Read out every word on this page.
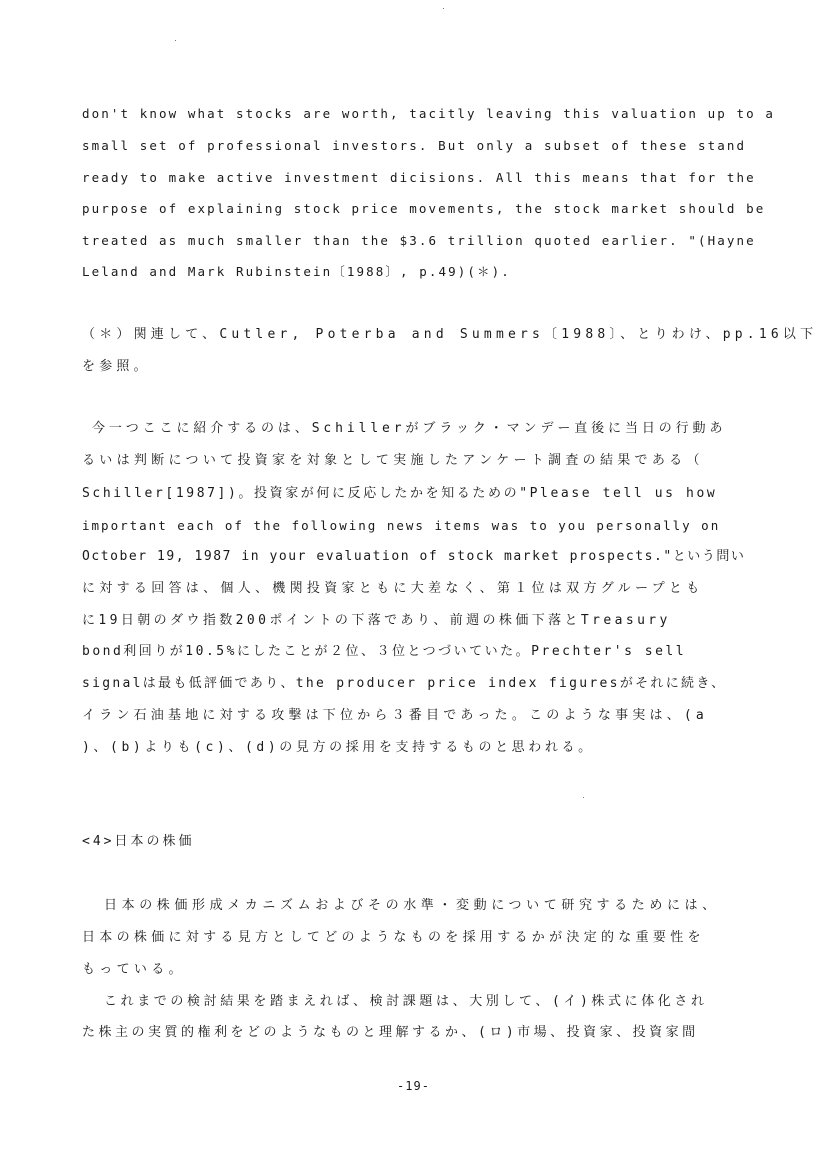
don't know what stocks are worth, tacitly leaving this valuation up to a
small set of professional investors. But only a subset of these stand
ready to make active investment dicisions. All this means that for the
purpose of explaining stock price movements, the stock market should be
treated as much smaller than the $3.6 trillion quoted earlier. "(Hayne
Leland and Mark Rubinstein〔1988〕, p.49)(＊).
（＊）関連して、Cutler, Poterba and Summers〔1988〕、とりわけ、pp.16以下
を参照。
今一つここに紹介するのは、Schillerがブラック・マンデー直後に当日の行動あ
るいは判断について投資家を対象として実施したアンケート調査の結果である（
Schiller[1987])。投資家が何に反応したかを知るための"Please tell us how
important each of the following news items was to you personally on
October 19, 1987 in your evaluation of stock market prospects."という問い
に対する回答は、個人、機関投資家ともに大差なく、第１位は双方グループとも
に19日朝のダウ指数200ポイントの下落であり、前週の株価下落とTreasury
bond利回りが10.5%にしたことが２位、３位とつづいていた。Prechter's sell
signalは最も低評価であり、the producer price index figuresがそれに続き、
イラン石油基地に対する攻撃は下位から３番目であった。このような事実は、(a
)、(b)よりも(c)、(d)の見方の採用を支持するものと思われる。
<4>日本の株価
日本の株価形成メカニズムおよびその水準・変動について研究するためには、
日本の株価に対する見方としてどのようなものを採用するかが決定的な重要性を
もっている。
これまでの検討結果を踏まえれば、検討課題は、大別して、(イ)株式に体化され
た株主の実質的権利をどのようなものと理解するか、(ロ)市場、投資家、投資家間
-19-
